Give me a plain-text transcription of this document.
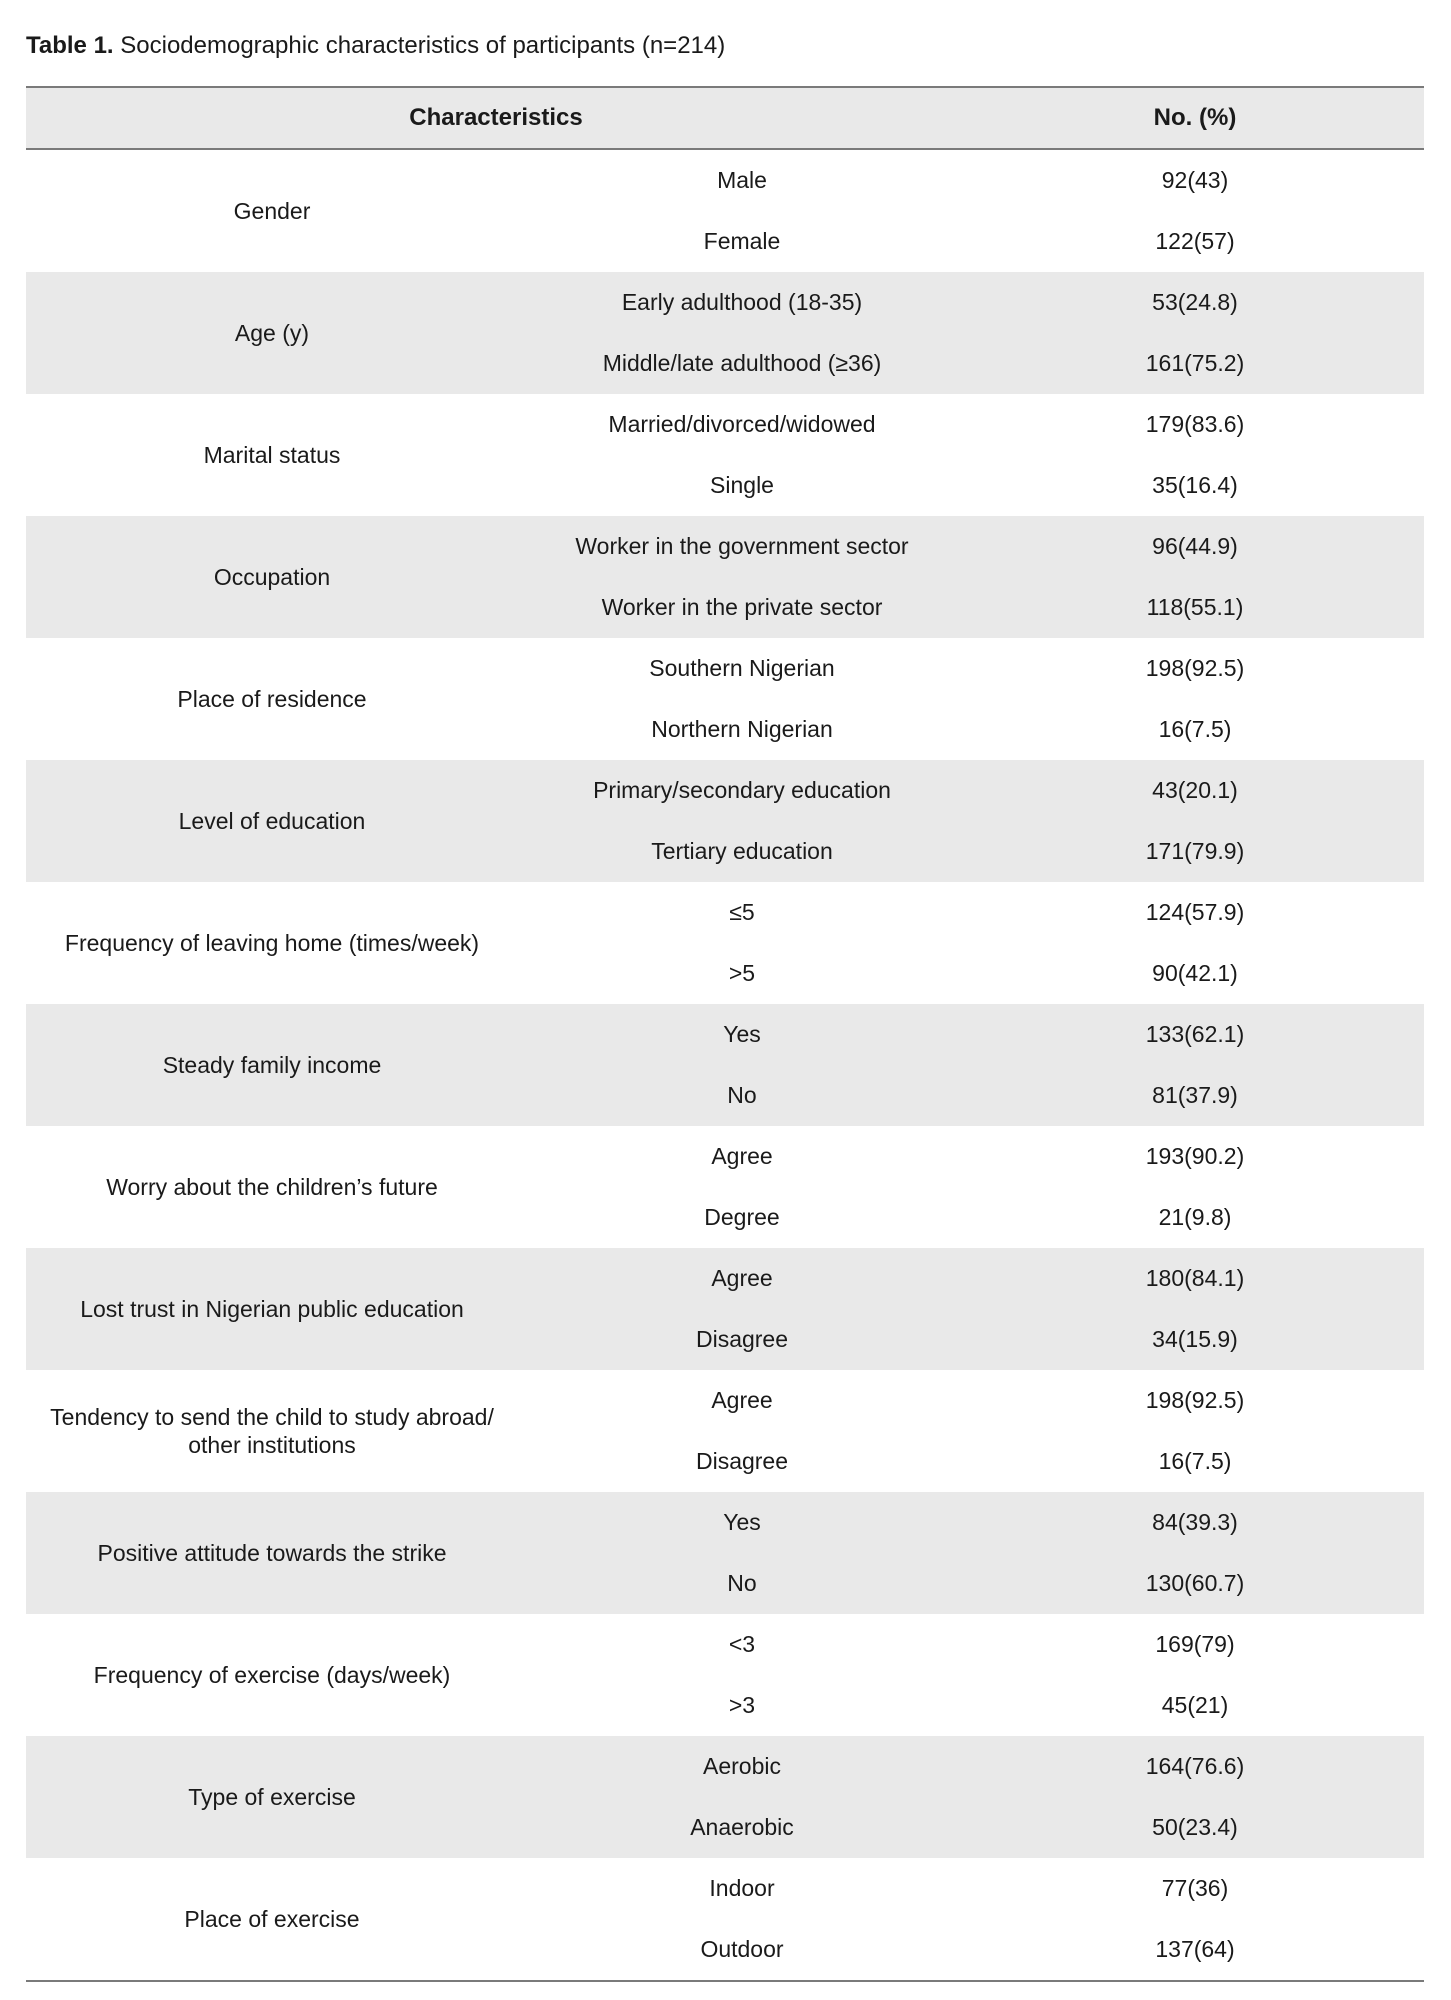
Table 1. Sociodemographic characteristics of participants (n=214)
Characteristics	No. (%)
Gender
Male	92(43)
Female	122(57)
Age (y)
Early adulthood (18-35)	53(24.8)
Middle/late adulthood (≥36)	161(75.2)
Marital status
Married/divorced/widowed	179(83.6)
Single	35(16.4)
Occupation
Worker in the government sector	96(44.9)
Worker in the private sector	118(55.1)
Place of residence
Southern Nigerian	198(92.5)
Northern Nigerian	16(7.5)
Level of education
Primary/secondary education	43(20.1)
Tertiary education	171(79.9)
Frequency of leaving home (times/week)
≤5	124(57.9)
>5	90(42.1)
Steady family income
Yes	133(62.1)
No	81(37.9)
Worry about the children’s future
Agree	193(90.2)
Degree	21(9.8)
Lost trust in Nigerian public education
Agree	180(84.1)
Disagree	34(15.9)
Tendency to send the child to study abroad/ other institutions
Agree	198(92.5)
Disagree	16(7.5)
Positive attitude towards the strike
Yes	84(39.3)
No	130(60.7)
Frequency of exercise (days/week)
<3	169(79)
>3	45(21)
Type of exercise
Aerobic	164(76.6)
Anaerobic	50(23.4)
Place of exercise
Indoor	77(36)
Outdoor	137(64)
